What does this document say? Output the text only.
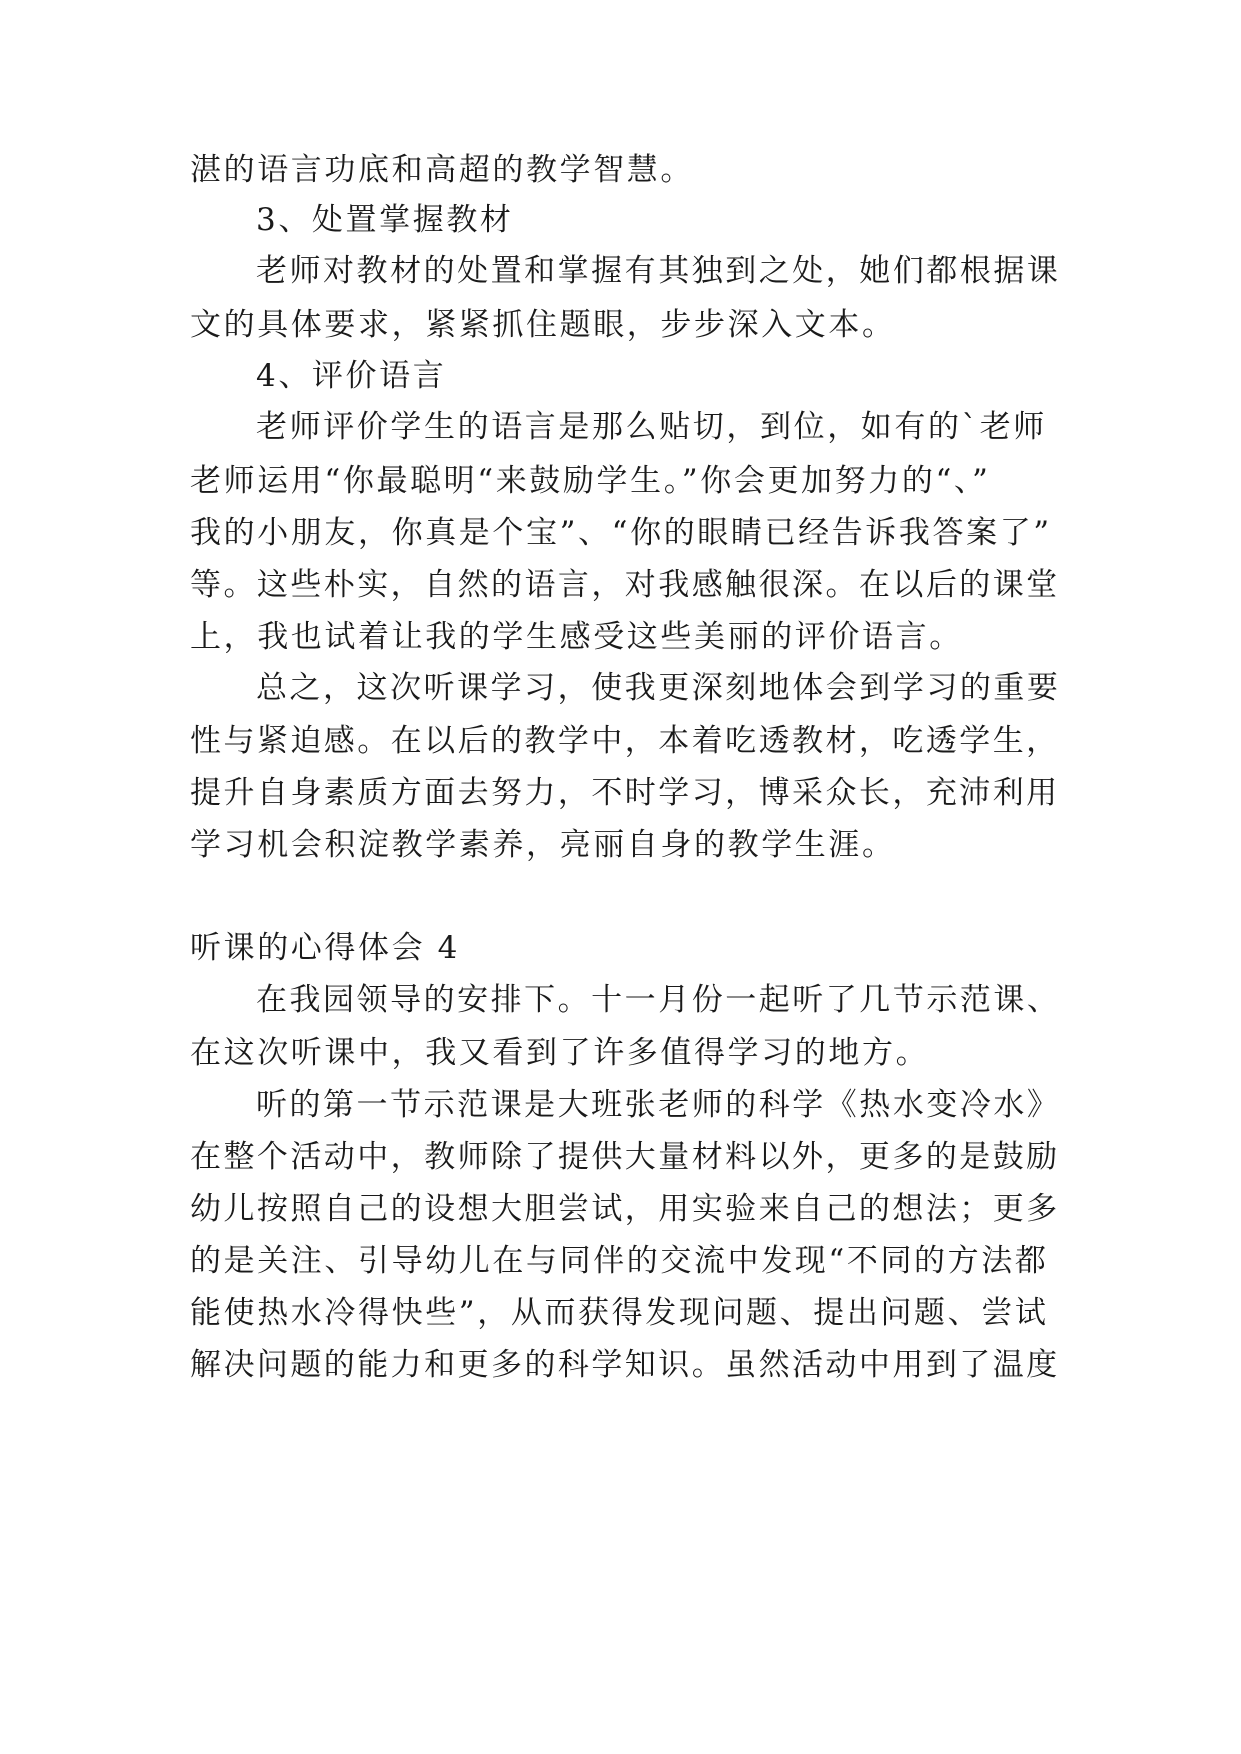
湛的语言功底和高超的教学智慧。
3、处置掌握教材
老师对教材的处置和掌握有其独到之处，她们都根据课
文的具体要求，紧紧抓住题眼，步步深入文本。
4、评价语言
老师评价学生的语言是那么贴切，到位，如有的`老师
老师运用“你最聪明“来鼓励学生。”你会更加努力的“、”
我的小朋友，你真是个宝”、“你的眼睛已经告诉我答案了”
等。这些朴实，自然的语言，对我感触很深。在以后的课堂
上，我也试着让我的学生感受这些美丽的评价语言。
总之，这次听课学习，使我更深刻地体会到学习的重要
性与紧迫感。在以后的教学中，本着吃透教材，吃透学生，
提升自身素质方面去努力，不时学习，博采众长，充沛利用
学习机会积淀教学素养，亮丽自身的教学生涯。
听课的心得体会 4
在我园领导的安排下。十一月份一起听了几节示范课、
在这次听课中，我又看到了许多值得学习的地方。
听的第一节示范课是大班张老师的科学《热水变冷水》
在整个活动中，教师除了提供大量材料以外，更多的是鼓励
幼儿按照自己的设想大胆尝试，用实验来自己的想法；更多
的是关注、引导幼儿在与同伴的交流中发现“不同的方法都
能使热水冷得快些”，从而获得发现问题、提出问题、尝试
解决问题的能力和更多的科学知识。虽然活动中用到了温度
